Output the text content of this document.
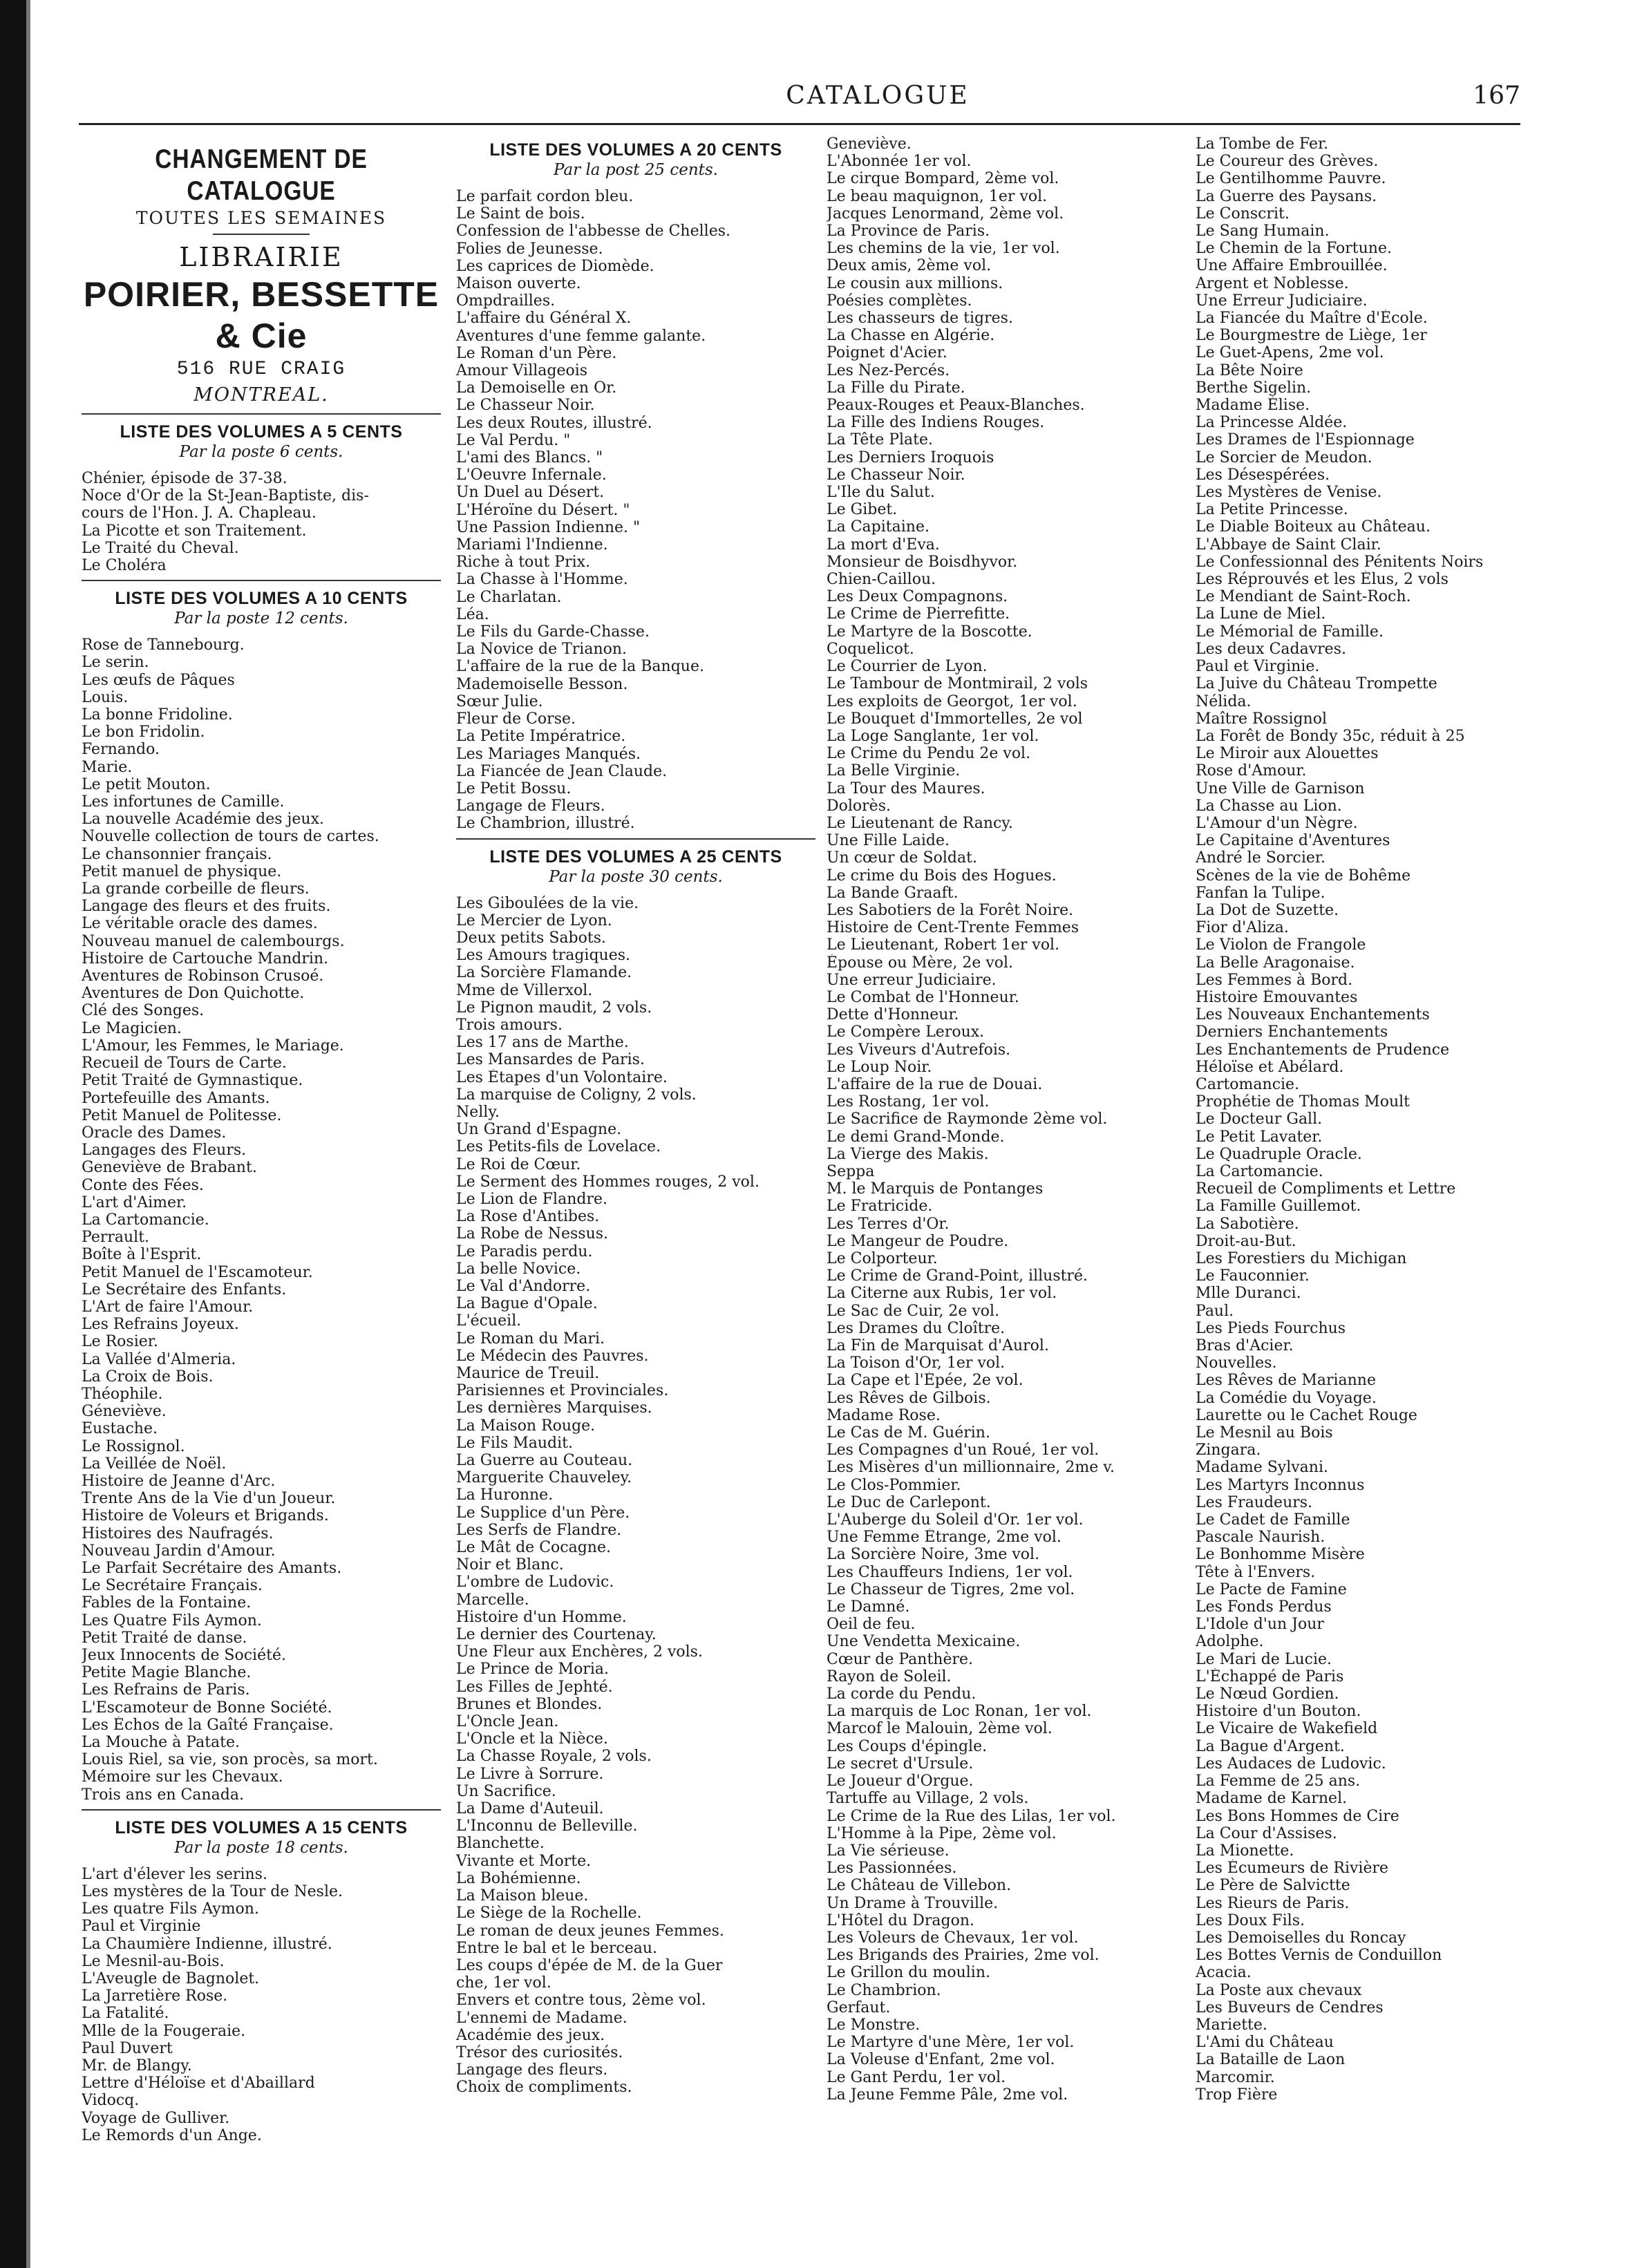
CATALOGUE	167
CHANGEMENT DE CATALOGUE
TOUTES LES SEMAINES
LIBRAIRIE
POIRIER, BESSETTE & Cie
516 RUE CRAIG
MONTREAL.
LISTE DES VOLUMES A 5 CENTS
Par la poste 6 cents.
Chénier, épisode de 37-38.
Noce d'Or de la St-Jean-Baptiste, dis-
cours de l'Hon. J. A. Chapleau.
La Picotte et son Traitement.
Le Traité du Cheval.
Le Choléra
LISTE DES VOLUMES A 10 CENTS
Par la poste 12 cents.
Rose de Tannebourg.
Le serin.
Les œufs de Pâques
Louis.
La bonne Fridoline.
Le bon Fridolin.
Fernando.
Marie.
Le petit Mouton.
Les infortunes de Camille.
La nouvelle Académie des jeux.
Nouvelle collection de tours de cartes.
Le chansonnier français.
Petit manuel de physique.
La grande corbeille de fleurs.
Langage des fleurs et des fruits.
Le véritable oracle des dames.
Nouveau manuel de calembourgs.
Histoire de Cartouche Mandrin.
Aventures de Robinson Crusoé.
Aventures de Don Quichotte.
Clé des Songes.
Le Magicien.
L'Amour, les Femmes, le Mariage.
Recueil de Tours de Carte.
Petit Traité de Gymnastique.
Portefeuille des Amants.
Petit Manuel de Politesse.
Oracle des Dames.
Langages des Fleurs.
Geneviève de Brabant.
Conte des Fées.
L'art d'Aimer.
La Cartomancie.
Perrault.
Boîte à l'Esprit.
Petit Manuel de l'Escamoteur.
Le Secrétaire des Enfants.
L'Art de faire l'Amour.
Les Refrains Joyeux.
Le Rosier.
La Vallée d'Almeria.
La Croix de Bois.
Théophile.
Géneviève.
Eustache.
Le Rossignol.
La Veillée de Noël.
Histoire de Jeanne d'Arc.
Trente Ans de la Vie d'un Joueur.
Histoire de Voleurs et Brigands.
Histoires des Naufragés.
Nouveau Jardin d'Amour.
Le Parfait Secrétaire des Amants.
Le Secrétaire Français.
Fables de la Fontaine.
Les Quatre Fils Aymon.
Petit Traité de danse.
Jeux Innocents de Société.
Petite Magie Blanche.
Les Refrains de Paris.
L'Escamoteur de Bonne Société.
Les Échos de la Gaîté Française.
La Mouche à Patate.
Louis Riel, sa vie, son procès, sa mort.
Mémoire sur les Chevaux.
Trois ans en Canada.
LISTE DES VOLUMES A 15 CENTS
Par la poste 18 cents.
L'art d'élever les serins.
Les mystères de la Tour de Nesle.
Les quatre Fils Aymon.
Paul et Virginie
La Chaumière Indienne, illustré.
Le Mesnil-au-Bois.
L'Aveugle de Bagnolet.
La Jarretière Rose.
La Fatalité.
Mlle de la Fougeraie.
Paul Duvert
Mr. de Blangy.
Lettre d'Héloïse et d'Abaillard
Vidocq.
Voyage de Gulliver.
Le Remords d'un Ange.
LISTE DES VOLUMES A 20 CENTS
Par la post 25 cents.
Le parfait cordon bleu.
Le Saint de bois.
Confession de l'abbesse de Chelles.
Folies de Jeunesse.
Les caprices de Diomède.
Maison ouverte.
Ompdrailles.
L'affaire du Général X.
Aventures d'une femme galante.
Le Roman d'un Père.
Amour Villageois
La Demoiselle en Or.
Le Chasseur Noir.
Les deux Routes, illustré.
Le Val Perdu. "
L'ami des Blancs. "
L'Oeuvre Infernale.
Un Duel au Désert.
L'Héroïne du Désert. "
Une Passion Indienne. "
Mariami l'Indienne.
Riche à tout Prix.
La Chasse à l'Homme.
Le Charlatan.
Léa.
Le Fils du Garde-Chasse.
La Novice de Trianon.
L'affaire de la rue de la Banque.
Mademoiselle Besson.
Sœur Julie.
Fleur de Corse.
La Petite Impératrice.
Les Mariages Manqués.
La Fiancée de Jean Claude.
Le Petit Bossu.
Langage de Fleurs.
Le Chambrion, illustré.
LISTE DES VOLUMES A 25 CENTS
Par la poste 30 cents.
Les Giboulées de la vie.
Le Mercier de Lyon.
Deux petits Sabots.
Les Amours tragiques.
La Sorcière Flamande.
Mme de Villerxol.
Le Pignon maudit, 2 vols.
Trois amours.
Les 17 ans de Marthe.
Les Mansardes de Paris.
Les Étapes d'un Volontaire.
La marquise de Coligny, 2 vols.
Nelly.
Un Grand d'Espagne.
Les Petits-fils de Lovelace.
Le Roi de Cœur.
Le Serment des Hommes rouges, 2 vol.
Le Lion de Flandre.
La Rose d'Antibes.
La Robe de Nessus.
Le Paradis perdu.
La belle Novice.
Le Val d'Andorre.
La Bague d'Opale.
L'écueil.
Le Roman du Mari.
Le Médecin des Pauvres.
Maurice de Treuil.
Parisiennes et Provinciales.
Les dernières Marquises.
La Maison Rouge.
Le Fils Maudit.
La Guerre au Couteau.
Marguerite Chauveley.
La Huronne.
Le Supplice d'un Père.
Les Serfs de Flandre.
Le Mât de Cocagne.
Noir et Blanc.
L'ombre de Ludovic.
Marcelle.
Histoire d'un Homme.
Le dernier des Courtenay.
Une Fleur aux Enchères, 2 vols.
Le Prince de Moria.
Les Filles de Jephté.
Brunes et Blondes.
L'Oncle Jean.
L'Oncle et la Nièce.
La Chasse Royale, 2 vols.
Le Livre à Sorrure.
Un Sacrifice.
La Dame d'Auteuil.
L'Inconnu de Belleville.
Blanchette.
Vivante et Morte.
La Bohémienne.
La Maison bleue.
Le Siège de la Rochelle.
Le roman de deux jeunes Femmes.
Entre le bal et le berceau.
Les coups d'épée de M. de la Guer
che, 1er vol.
Envers et contre tous, 2ème vol.
L'ennemi de Madame.
Académie des jeux.
Trésor des curiosités.
Langage des fleurs.
Choix de compliments.
Geneviève.
L'Abonnée 1er vol.
Le cirque Bompard, 2ème vol.
Le beau maquignon, 1er vol.
Jacques Lenormand, 2ème vol.
La Province de Paris.
Les chemins de la vie, 1er vol.
Deux amis, 2ème vol.
Le cousin aux millions.
Poésies complètes.
Les chasseurs de tigres.
La Chasse en Algérie.
Poignet d'Acier.
Les Nez-Percés.
La Fille du Pirate.
Peaux-Rouges et Peaux-Blanches.
La Fille des Indiens Rouges.
La Tête Plate.
Les Derniers Iroquois
Le Chasseur Noir.
L'Ile du Salut.
Le Gibet.
La Capitaine.
La mort d'Eva.
Monsieur de Boisdhyvor.
Chien-Caillou.
Les Deux Compagnons.
Le Crime de Pierrefitte.
Le Martyre de la Boscotte.
Coquelicot.
Le Courrier de Lyon.
Le Tambour de Montmirail, 2 vols
Les exploits de Georgot, 1er vol.
Le Bouquet d'Immortelles, 2e vol
La Loge Sanglante, 1er vol.
Le Crime du Pendu 2e vol.
La Belle Virginie.
La Tour des Maures.
Dolorès.
Le Lieutenant de Rancy.
Une Fille Laide.
Un cœur de Soldat.
Le crime du Bois des Hogues.
La Bande Graaft.
Les Sabotiers de la Forêt Noire.
Histoire de Cent-Trente Femmes
Le Lieutenant, Robert 1er vol.
Épouse ou Mère, 2e vol.
Une erreur Judiciaire.
Le Combat de l'Honneur.
Dette d'Honneur.
Le Compère Leroux.
Les Viveurs d'Autrefois.
Le Loup Noir.
L'affaire de la rue de Douai.
Les Rostang, 1er vol.
Le Sacrifice de Raymonde 2ème vol.
Le demi Grand-Monde.
La Vierge des Makis.
Seppa
M. le Marquis de Pontanges
Le Fratricide.
Les Terres d'Or.
Le Mangeur de Poudre.
Le Colporteur.
Le Crime de Grand-Point, illustré.
La Citerne aux Rubis, 1er vol.
Le Sac de Cuir, 2e vol.
Les Drames du Cloître.
La Fin de Marquisat d'Aurol.
La Toison d'Or, 1er vol.
La Cape et l'Épée, 2e vol.
Les Rêves de Gilbois.
Madame Rose.
Le Cas de M. Guérin.
Les Compagnes d'un Roué, 1er vol.
Les Misères d'un millionnaire, 2me v.
Le Clos-Pommier.
Le Duc de Carlepont.
L'Auberge du Soleil d'Or. 1er vol.
Une Femme Étrange, 2me vol.
La Sorcière Noire, 3me vol.
Les Chauffeurs Indiens, 1er vol.
Le Chasseur de Tigres, 2me vol.
Le Damné.
Oeil de feu.
Une Vendetta Mexicaine.
Cœur de Panthère.
Rayon de Soleil.
La corde du Pendu.
La marquis de Loc Ronan, 1er vol.
Marcof le Malouin, 2ème vol.
Les Coups d'épingle.
Le secret d'Ursule.
Le Joueur d'Orgue.
Tartuffe au Village, 2 vols.
Le Crime de la Rue des Lilas, 1er vol.
L'Homme à la Pipe, 2ème vol.
La Vie sérieuse.
Les Passionnées.
Le Château de Villebon.
Un Drame à Trouville.
L'Hôtel du Dragon.
Les Voleurs de Chevaux, 1er vol.
Les Brigands des Prairies, 2me vol.
Le Grillon du moulin.
Le Chambrion.
Gerfaut.
Le Monstre.
Le Martyre d'une Mère, 1er vol.
La Voleuse d'Enfant, 2me vol.
Le Gant Perdu, 1er vol.
La Jeune Femme Pâle, 2me vol.
La Tombe de Fer.
Le Coureur des Grèves.
Le Gentilhomme Pauvre.
La Guerre des Paysans.
Le Conscrit.
Le Sang Humain.
Le Chemin de la Fortune.
Une Affaire Embrouillée.
Argent et Noblesse.
Une Erreur Judiciaire.
La Fiancée du Maître d'École.
Le Bourgmestre de Liège, 1er
Le Guet-Apens, 2me vol.
La Bête Noire
Berthe Sigelin.
Madame Élise.
La Princesse Aldée.
Les Drames de l'Espionnage
Le Sorcier de Meudon.
Les Désespérées.
Les Mystères de Venise.
La Petite Princesse.
Le Diable Boiteux au Château.
L'Abbaye de Saint Clair.
Le Confessionnal des Pénitents Noirs
Les Réprouvés et les Élus, 2 vols
Le Mendiant de Saint-Roch.
La Lune de Miel.
Le Mémorial de Famille.
Les deux Cadavres.
Paul et Virginie.
La Juive du Château Trompette
Nélida.
Maître Rossignol
La Forêt de Bondy 35c, réduit à 25
Le Miroir aux Alouettes
Rose d'Amour.
Une Ville de Garnison
La Chasse au Lion.
L'Amour d'un Nègre.
Le Capitaine d'Aventures
André le Sorcier.
Scènes de la vie de Bohême
Fanfan la Tulipe.
La Dot de Suzette.
Fior d'Aliza.
Le Violon de Frangole
La Belle Aragonaise.
Les Femmes à Bord.
Histoire Émouvantes
Les Nouveaux Enchantements
Derniers Enchantements
Les Enchantements de Prudence
Héloïse et Abélard.
Cartomancie.
Prophétie de Thomas Moult
Le Docteur Gall.
Le Petit Lavater.
Le Quadruple Oracle.
La Cartomancie.
Recueil de Compliments et Lettre
La Famille Guillemot.
La Sabotière.
Droit-au-But.
Les Forestiers du Michigan
Le Fauconnier.
Mlle Duranci.
Paul.
Les Pieds Fourchus
Bras d'Acier.
Nouvelles.
Les Rêves de Marianne
La Comédie du Voyage.
Laurette ou le Cachet Rouge
Le Mesnil au Bois
Zingara.
Madame Sylvani.
Les Martyrs Inconnus
Les Fraudeurs.
Le Cadet de Famille
Pascale Naurish.
Le Bonhomme Misère
Tête à l'Envers.
Le Pacte de Famine
Les Fonds Perdus
L'Idole d'un Jour
Adolphe.
Le Mari de Lucie.
L'Échappé de Paris
Le Nœud Gordien.
Histoire d'un Bouton.
Le Vicaire de Wakefield
La Bague d'Argent.
Les Audaces de Ludovic.
La Femme de 25 ans.
Madame de Karnel.
Les Bons Hommes de Cire
La Cour d'Assises.
La Mionette.
Les Écumeurs de Rivière
Le Père de Salvictte
Les Rieurs de Paris.
Les Doux Fils.
Les Demoiselles du Roncay
Les Bottes Vernis de Conduillon
Acacia.
La Poste aux chevaux
Les Buveurs de Cendres
Mariette.
L'Ami du Château
La Bataille de Laon
Marcomir.
Trop Fière
